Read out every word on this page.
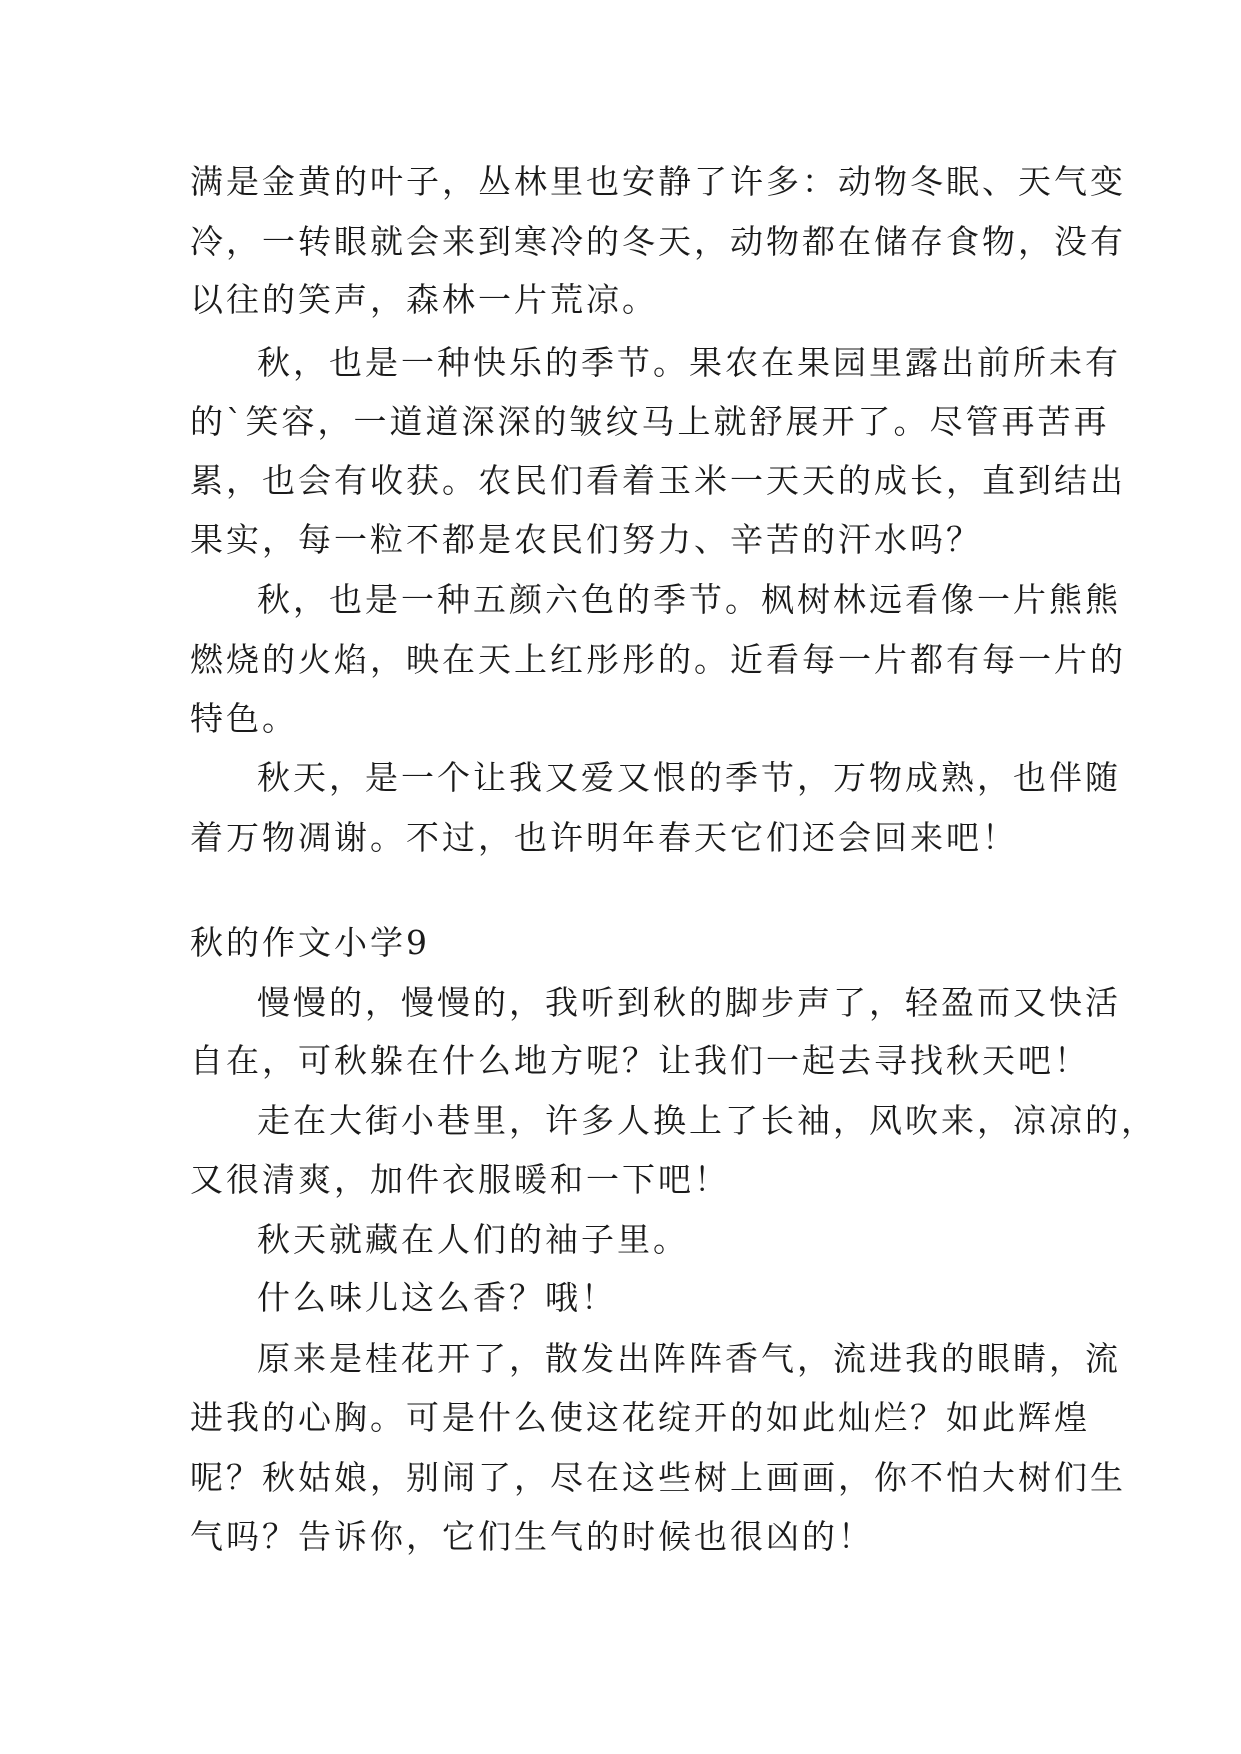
满是金黄的叶子，丛林里也安静了许多：动物冬眠、天气变
冷，一转眼就会来到寒冷的冬天，动物都在储存食物，没有
以往的笑声，森林一片荒凉。
秋，也是一种快乐的季节。果农在果园里露出前所未有
的`笑容，一道道深深的皱纹马上就舒展开了。尽管再苦再
累，也会有收获。农民们看着玉米一天天的成长，直到结出
果实，每一粒不都是农民们努力、辛苦的汗水吗？
秋，也是一种五颜六色的季节。枫树林远看像一片熊熊
燃烧的火焰，映在天上红彤彤的。近看每一片都有每一片的
特色。
秋天，是一个让我又爱又恨的季节，万物成熟，也伴随
着万物凋谢。不过，也许明年春天它们还会回来吧！
秋的作文小学9
慢慢的，慢慢的，我听到秋的脚步声了，轻盈而又快活
自在，可秋躲在什么地方呢？让我们一起去寻找秋天吧！
走在大街小巷里，许多人换上了长袖，风吹来，凉凉的，
又很清爽，加件衣服暖和一下吧！
秋天就藏在人们的袖子里。
什么味儿这么香？哦！
原来是桂花开了，散发出阵阵香气，流进我的眼睛，流
进我的心胸。可是什么使这花绽开的如此灿烂？如此辉煌
呢？秋姑娘，别闹了，尽在这些树上画画，你不怕大树们生
气吗？告诉你，它们生气的时候也很凶的！
